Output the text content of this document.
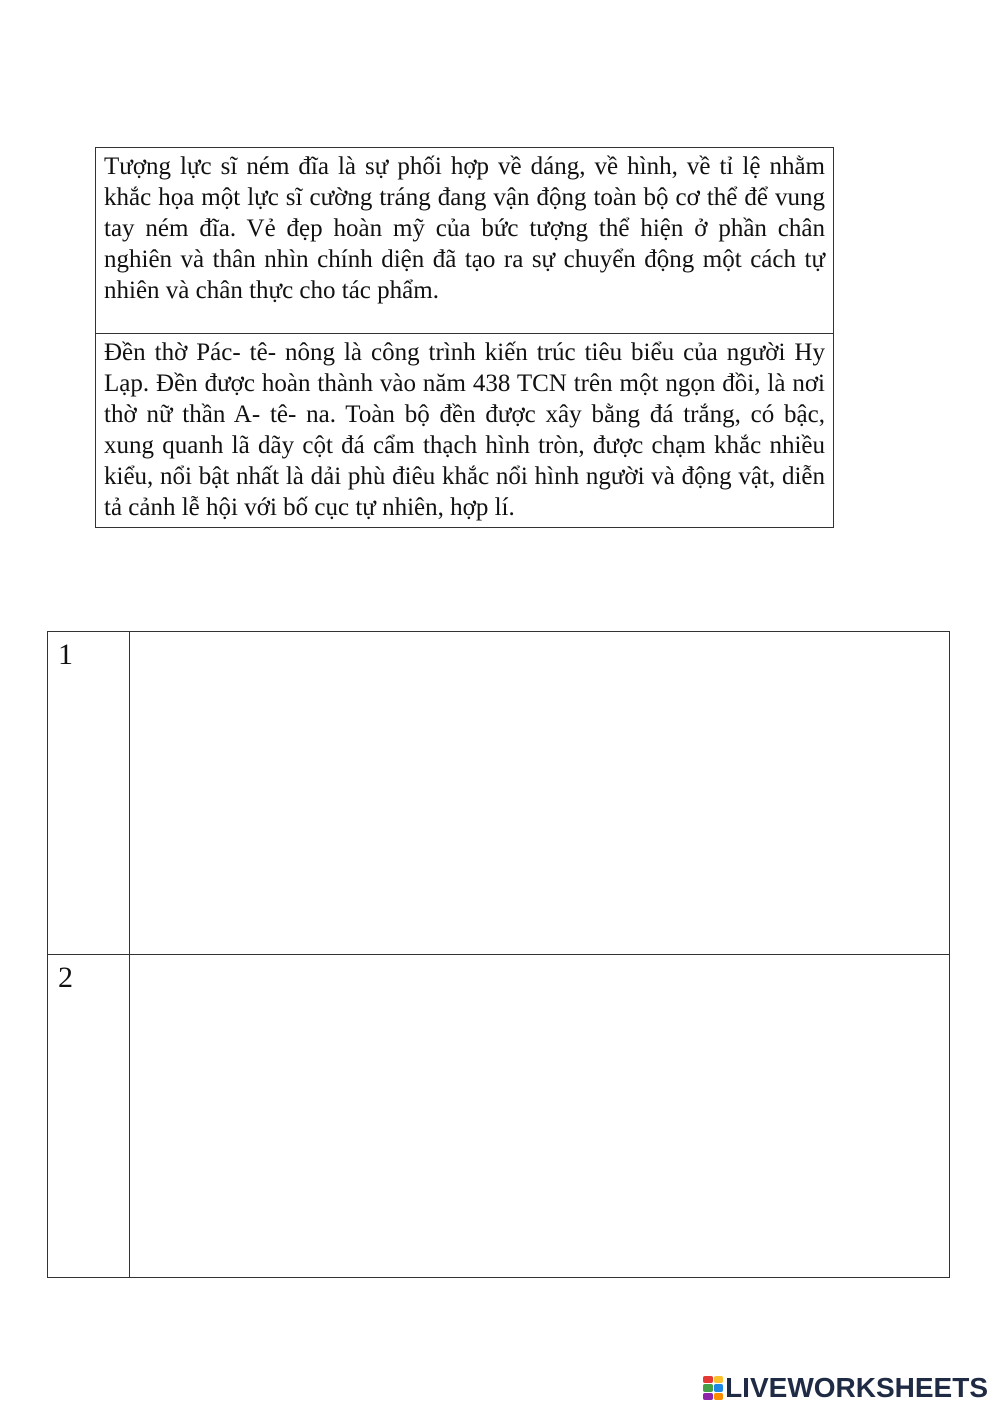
Tượng lực sĩ ném đĩa là sự phối hợp về dáng, về hình, về tỉ lệ nhằm khắc họa một lực sĩ cường tráng đang vận động toàn bộ cơ thể để vung tay ném đĩa. Vẻ đẹp hoàn mỹ của bức tượng thể hiện ở phần chân nghiên và thân nhìn chính diện đã tạo ra sự chuyển động một cách tự nhiên và chân thực cho tác phẩm.
Đền thờ Pác- tê- nông là công trình kiến trúc tiêu biểu của người Hy Lạp. Đền được hoàn thành vào năm 438 TCN trên một ngọn đồi, là nơi thờ nữ thần A- tê- na. Toàn bộ đền được xây bằng đá trắng, có bậc, xung quanh lã dãy cột đá cẩm thạch hình tròn, được chạm khắc nhiều kiểu, nổi bật nhất là dải phù điêu khắc nổi hình người và động vật, diễn tả cảnh lễ hội với bố cục tự nhiên, hợp lí.
1	
2	
LIVEWORKSHEETS
